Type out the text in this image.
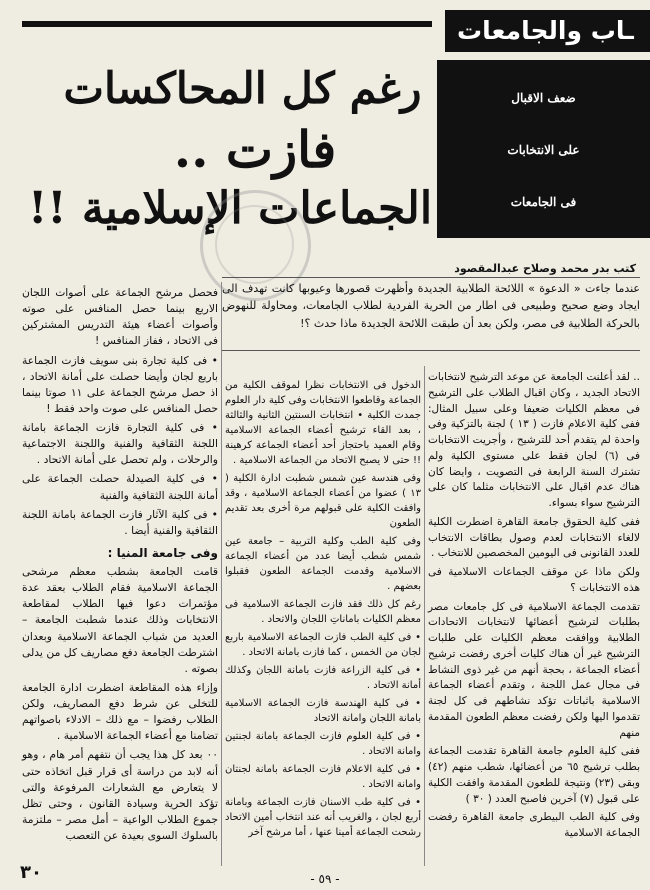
ـاب والجامعات
رغم كل المحاكسات
فازت ..
الجماعات الإسلامية !!
ضعف الاقبال
على الانتخابات
فى الجامعات
كتب بدر محمد وصلاح عبدالمقصود
عندما جاءت « الدعوة » اللائحة الطلابية الجديدة وأظهرت قصورها وعيوبها كانت تهدف الى ايجاد وضع صحيح وطبيعى فى اطار من الحرية الفردية لطلاب الجامعات، ومحاولة للنهوض بالحركة الطلابية فى مصر، ولكن بعد أن طبقت اللائحة الجديدة ماذا حدث ؟!

.. لقد أعلنت الجامعة عن موعد الترشيح لانتخابات الاتحاد الجديد ، وكان اقبال الطلاب على الترشيح فى معظم الكليات ضعيفا وعلى سبيل المثال: ففى كلية الاعلام فازت ( ١٣ ) لجنة بالتزكية وفى واحدة لم يتقدم أحد للترشيح ، وأجريت الانتخابات فى (٦) لجان فقط على مستوى الكلية ولم تشترك السنة الرابعة فى التصويت ، وايضا كان هناك عدم اقبال على الانتخابات مثلما كان على الترشيح سواء بسواء.

ففى كلية الحقوق جامعة القاهرة اضطرت الكلية لالغاء الانتخابات لعدم وصول بطاقات الانتخاب للعدد القانونى فى اليومين المخصصين للانتخاب .

ولكن ماذا عن موقف الجماعات الاسلامية فى هذه الانتخابات ؟

تقدمت الجماعة الاسلامية فى كل جامعات مصر بطلبات لترشيح أعضائها لانتخابات الاتحادات الطلابية ووافقت معظم الكليات على طلبات الترشيح غير أن هناك كليات أخرى رفضت ترشيح أعضاء الجماعة ، بحجة أنهم من غير ذوى النشاط فى مجال عمل اللجنة ، وتقدم أعضاء الجماعة الاسلامية باثباتات تؤكد نشاطهم فى كل لجنة تقدموا اليها ولكن رفضت معظم الطعون المقدمة منهم

ففى كلية العلوم جامعة القاهرة تقدمت الجماعة بطلب ترشيح ٦٥ من أعضائها، شطب منهم (٤٢) وبقى (٢٣) ونتيجة للطعون المقدمة وافقت الكلية على قبول (٧) آخرين فاصبح العدد ( ٣٠ )

وفى كلية الطب البيطرى جامعة القاهرة رفضت الجماعة الاسلامية

الدخول فى الانتخابات نظرا لموقف الكلية من الجماعة وقاطعوا الانتخابات وفى كلية دار العلوم جمدت الكلية • انتخابات السنتين الثانية والثالثة ، بعد القاء ترشيح أعضاء الجماعة الاسلامية وقام العميد باحتجاز أحد أعضاء الجماعة كرهينة !! حتى لا يصبح الاتحاد من الجماعة الاسلامية .

وفى هندسة عين شمس شطبت ادارة الكلية ( ١٣ ) عضوا من أعضاء الجماعة الاسلامية ، وقد وافقت الكلية على قبولهم مرة أخرى بعد تقديم الطعون

وفى كلية الطب وكلية التربية – جامعة عين شمس شطب أيضا عدد من أعضاء الجماعة الاسلامية وقدمت الجماعة الطعون فقبلوا بعضهم .

رغم كل ذلك فقد فازت الجماعة الاسلامية فى معظم الكليات باماناتِ اللجان والاتحاد .

• فى كلية الطب فازت الجماعة الاسلامية باربع لجان من الخمس ، كما فازت بامانة الاتحاد .

• فى كلية الزراعة فازت بامانة اللجان وكذلك أمانة الاتحاد .

• فى كلية الهندسة فازت الجماعة الاسلامية بامانة اللجان وامانة الاتحاد

• فى كلية العلوم فازت الجماعة بامانة لجنتين وامانة الاتحاد .

• فى كلية الاعلام فازت الجماعة بامانة لجنتان وامانة الاتحاد .

• فى كلية طب الاسنان فازت الجماعة وبامانة أربع لجان ، والغريب أنه عند انتخاب أمين الاتحاد رشحت الجماعة أمينا عنها ، أما مرشح آخر

فحصل مرشح الجماعة على أصوات اللجان الاربع بينما حصل المنافس على صوته وأصوات أعضاء هيئة التدريس المشتركين فى الاتحاد ، ففاز المنافس !

• فى كلية تجارة بنى سويف فازت الجماعة باربع لجان وأيضا حصلت على أمانة الاتحاد ، اذ حصل مرشح الجماعة على ١١ صوتا بينما حصل المنافس على صوت واحد فقط !

• فى كلية التجارة فازت الجماعة بامانة اللجنة الثقافية والفنية واللجنة الاجتماعية والرحلات ، ولم تحصل على أمانة الاتحاد .

• فى كلية الصيدلة حصلت الجماعة على أمانة اللجنة الثقافية والفنية

• فى كلية الآثار فازت الجماعة بامانة اللجنة الثقافية والفنية أيضا .

وفى جامعة المنيا :

قامت الجامعة بشطب معظم مرشحى الجماعة الاسلامية فقام الطلاب بعقد عدة مؤتمرات دعوا فيها الطلاب لمقاطعة الانتخابات وذلك عندما شطبت الجامعة – العديد من شباب الجماعة الاسلامية وبعدان اشترطت الجامعة دفع مصاريف كل من يدلى بصوته .

وإزاء هذه المقاطعة اضطرت ادارة الجامعة للتخلى عن شرط دفع المصاريف، ولكن الطلاب رفضوا – مع ذلك – الادلاء باصواتهم تضامنا مع أعضاء الجماعة الاسلامية .

٠٠ بعد كل هذا يجب أن نتفهم أمر هام ، وهو أنه لابد من دراسة أى قرار قبل اتخاذه حتى لا يتعارض مع الشعارات المرفوعة والتى تؤكد الحرية وسيادة القانون ، وحتى تظل جموع الطلاب الواعية – أمل مصر – ملتزمة بالسلوك السوى بعيدة عن التعصب

٣٠	- ٥٩ -
